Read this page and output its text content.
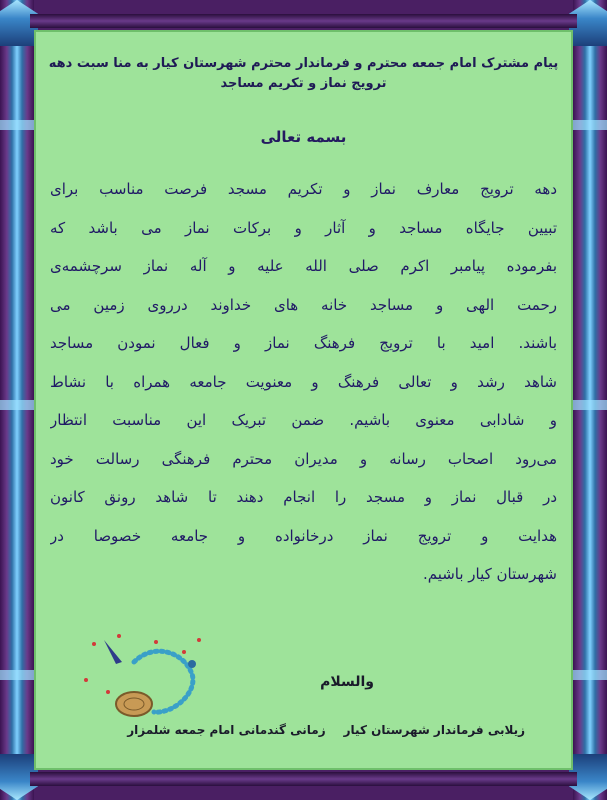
پیام مشترک امام جمعه محترم و فرماندار محترم شهرستان کیار به منا سبت دهه
ترویج نماز و تکریم مساجد

بسمه تعالی

دهه ترویج معارف نماز و تکریم مسجد فرصت مناسب برای
تبیین جایگاه مساجد و آثار و برکات نماز می باشد که
بفرموده پیامبر اکرم صلی الله علیه و آله نماز سرچشمه‌ی
رحمت الهی و مساجد خانه های خداوند درروی زمین می
باشند. امید با ترویج فرهنگ نماز و فعال نمودن مساجد
شاهد رشد و تعالی فرهنگ و معنویت جامعه همراه با نشاط
و شادابی معنوی باشیم. ضمن تبریک این مناسبت انتظار
می‌رود اصحاب رسانه و مدیران محترم فرهنگی رسالت خود
در قبال نماز و مسجد را انجام دهند تا شاهد رونق کانون
هدایت و ترویج نماز درخانواده و جامعه خصوصا در
شهرستان کیار باشیم.

والسلام

زیلابی فرماندار شهرستان کیارزمانی گندمانی امام جمعه شلمزار
